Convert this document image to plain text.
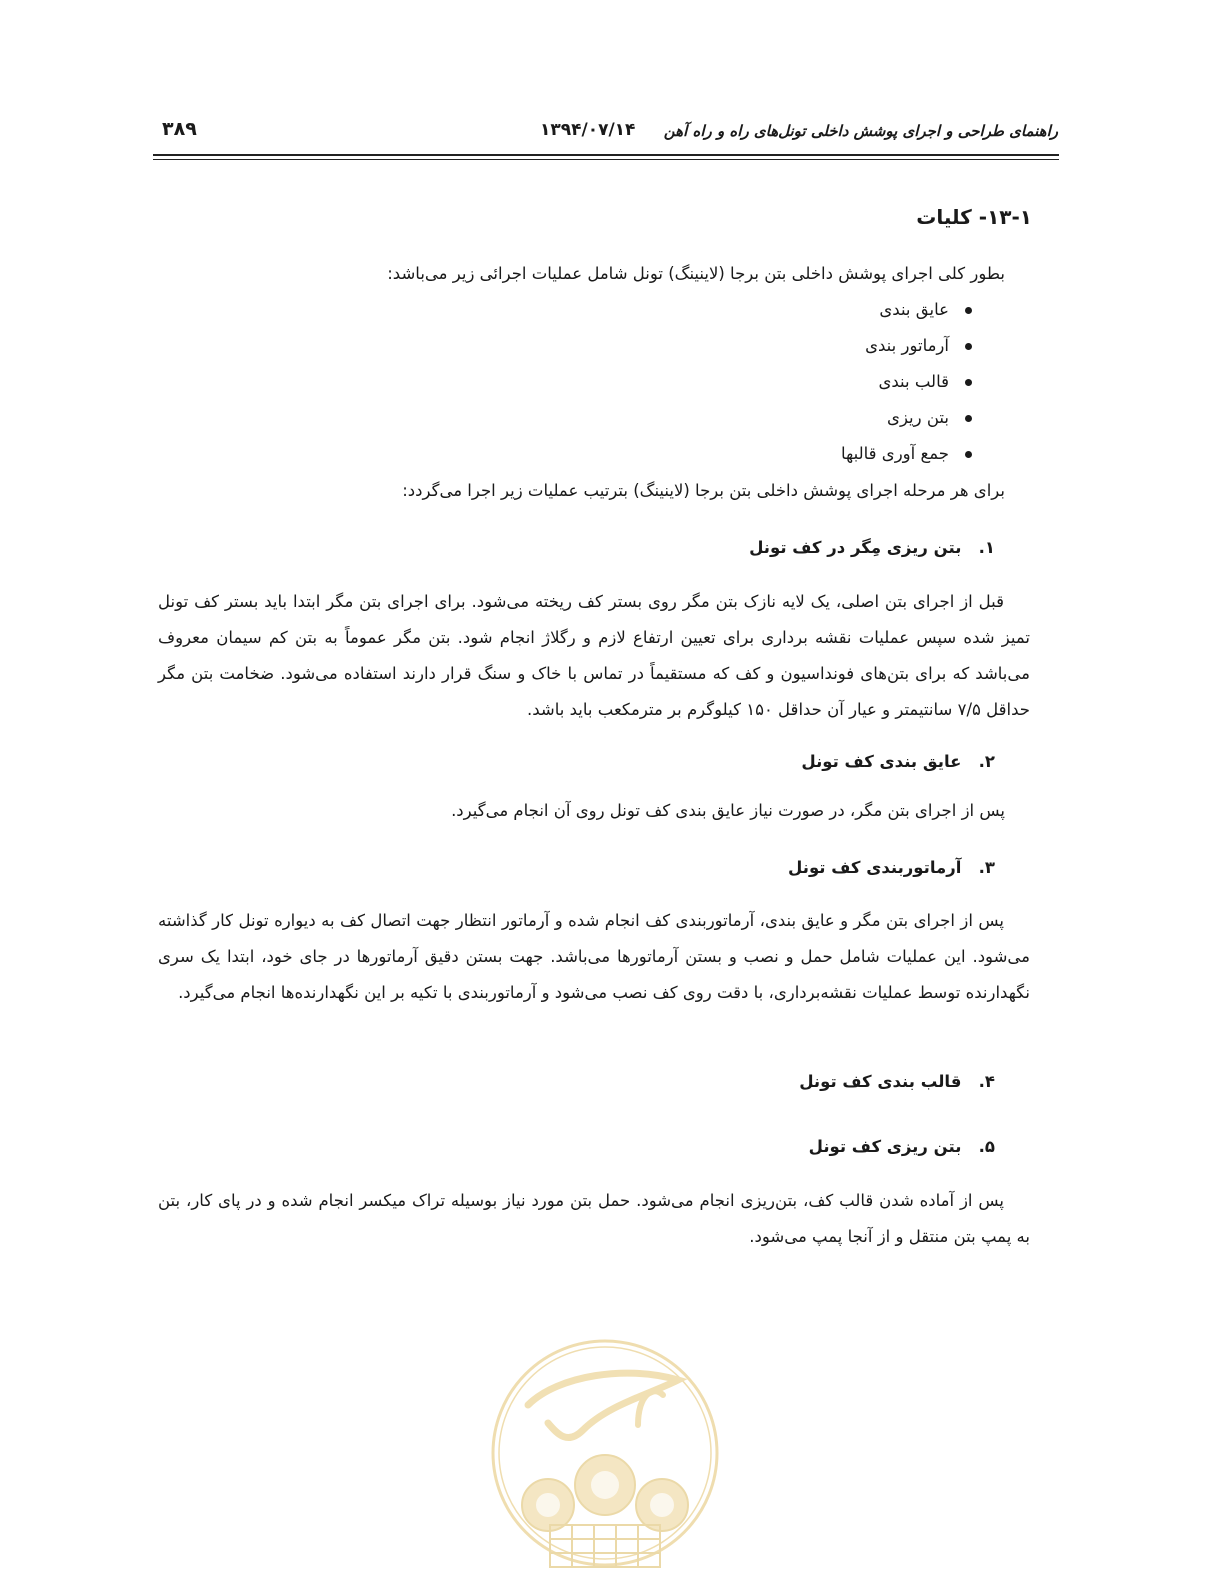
راهنمای طراحی و اجرای پوشش داخلی تونل‌های راه و راه آهن
۱۳۹۴/۰۷/۱۴
۳۸۹
۱۳-۱- کلیات
بطور کلی اجرای پوشش داخلی بتن برجا (لاینینگ) تونل شامل عملیات اجرائی زیر می‌باشد:
عایق بندی
آرماتور بندی
قالب بندی
بتن ریزی
جمع آوری قالبها
برای هر مرحله اجرای پوشش داخلی بتن برجا (لاینینگ) بترتیب عملیات زیر اجرا می‌گردد:
۱.   بتن ریزی مِگر در کف تونل
قبل از اجرای بتن اصلی، یک لایه نازک بتن مگر روی بستر کف ریخته می‌شود. برای اجرای بتن مگر ابتدا باید بستر کف تونل تمیز شده سپس عملیات نقشه برداری برای تعیین ارتفاع لازم و رگلاژ انجام شود. بتن مگر عموماً به بتن کم سیمان معروف می‌باشد که برای بتن‌های فونداسیون و کف که مستقیماً در تماس با خاک و سنگ قرار دارند استفاده می‌شود. ضخامت بتن مگر حداقل ۷/۵ سانتیمتر و عیار آن حداقل ۱۵۰ کیلوگرم بر مترمکعب باید باشد.
۲.   عایق بندی کف تونل
پس از اجرای بتن مگر، در صورت نیاز عایق بندی کف تونل روی آن انجام می‌گیرد.
۳.   آرماتوربندی کف تونل
پس از اجرای بتن مگر و عایق بندی، آرماتوربندی کف انجام شده و آرماتور انتظار جهت اتصال کف به دیواره تونل کار گذاشته می‌شود. این عملیات شامل حمل و نصب و بستن آرماتورها می‌باشد. جهت بستن دقیق آرماتورها در جای خود، ابتدا یک سری نگهدارنده توسط عملیات نقشه‌برداری، با دقت روی کف نصب می‌شود و آرماتوربندی با تکیه بر این نگهدارنده‌ها انجام می‌گیرد.
۴.   قالب بندی کف تونل
۵.   بتن ریزی کف تونل
پس از آماده شدن قالب کف، بتن‌ریزی انجام می‌شود. حمل بتن مورد نیاز بوسیله تراک میکسر انجام شده و در پای کار، بتن به پمپ بتن منتقل و از آنجا پمپ می‌شود.
